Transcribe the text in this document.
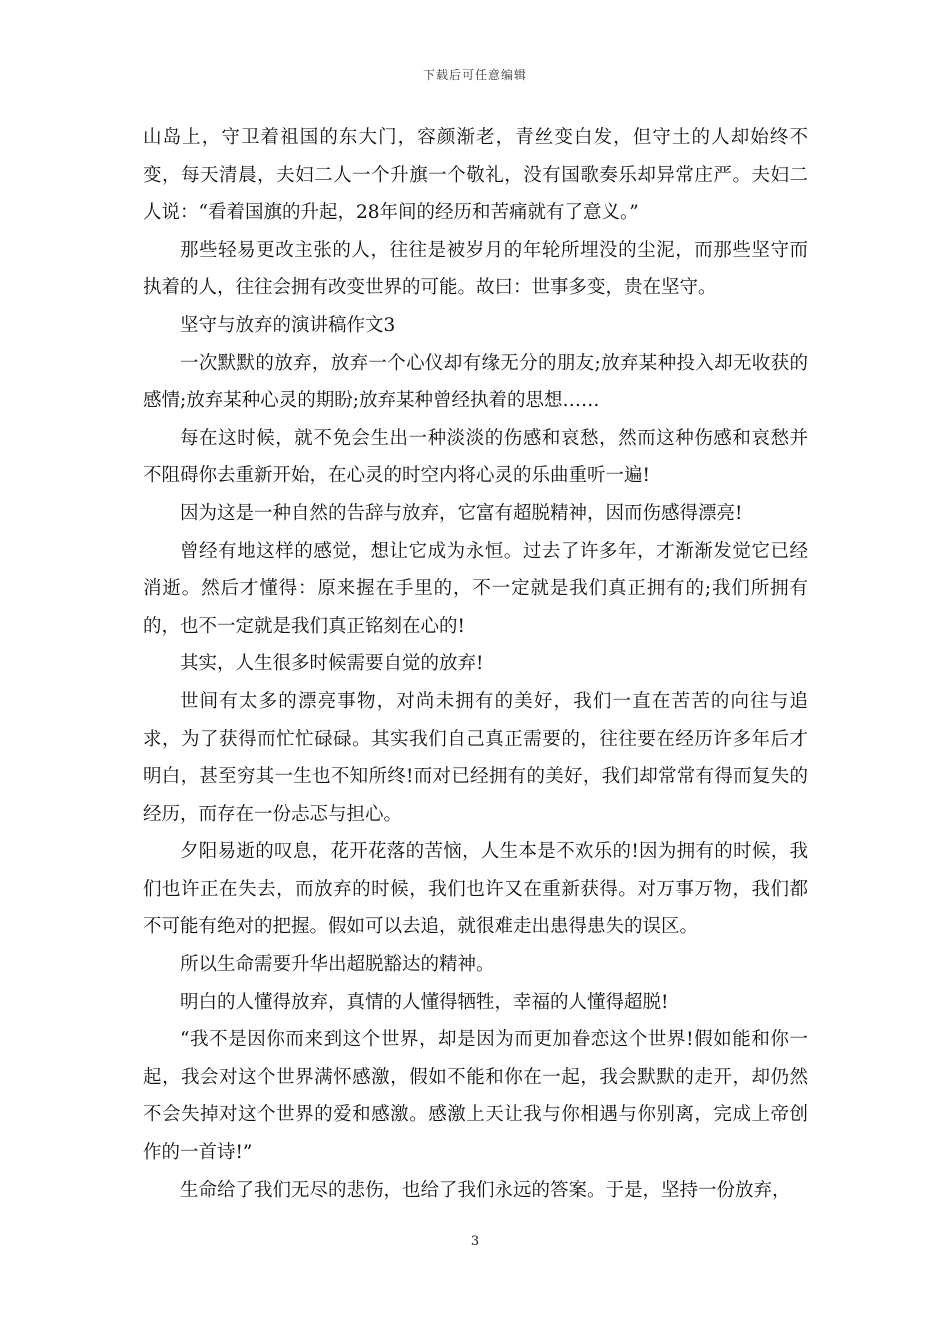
下载后可任意编辑

山岛上，守卫着祖国的东大门，容颜渐老，青丝变白发，但守土的人却始终不变，每天清晨，夫妇二人一个升旗一个敬礼，没有国歌奏乐却异常庄严。夫妇二人说：“看着国旗的升起，28年间的经历和苦痛就有了意义。”

那些轻易更改主张的人，往往是被岁月的年轮所埋没的尘泥，而那些坚守而执着的人，往往会拥有改变世界的可能。故曰：世事多变，贵在坚守。

坚守与放弃的演讲稿作文3

一次默默的放弃，放弃一个心仪却有缘无分的朋友;放弃某种投入却无收获的感情;放弃某种心灵的期盼;放弃某种曾经执着的思想……

每在这时候，就不免会生出一种淡淡的伤感和哀愁，然而这种伤感和哀愁并不阻碍你去重新开始，在心灵的时空内将心灵的乐曲重听一遍!

因为这是一种自然的告辞与放弃，它富有超脱精神，因而伤感得漂亮!

曾经有地这样的感觉，想让它成为永恒。过去了许多年，才渐渐发觉它已经消逝。然后才懂得：原来握在手里的，不一定就是我们真正拥有的;我们所拥有的，也不一定就是我们真正铭刻在心的!

其实，人生很多时候需要自觉的放弃!

世间有太多的漂亮事物，对尚未拥有的美好，我们一直在苦苦的向往与追求，为了获得而忙忙碌碌。其实我们自己真正需要的，往往要在经历许多年后才明白，甚至穷其一生也不知所终!而对已经拥有的美好，我们却常常有得而复失的经历，而存在一份忐忑与担心。

夕阳易逝的叹息，花开花落的苦恼，人生本是不欢乐的!因为拥有的时候，我们也许正在失去，而放弃的时候，我们也许又在重新获得。对万事万物，我们都不可能有绝对的把握。假如可以去追，就很难走出患得患失的误区。

所以生命需要升华出超脱豁达的精神。

明白的人懂得放弃，真情的人懂得牺牲，幸福的人懂得超脱!

“我不是因你而来到这个世界，却是因为而更加眷恋这个世界!假如能和你一起，我会对这个世界满怀感激，假如不能和你在一起，我会默默的走开，却仍然不会失掉对这个世界的爱和感激。感激上天让我与你相遇与你别离，完成上帝创作的一首诗!”

生命给了我们无尽的悲伤，也给了我们永远的答案。于是，坚持一份放弃，

3
